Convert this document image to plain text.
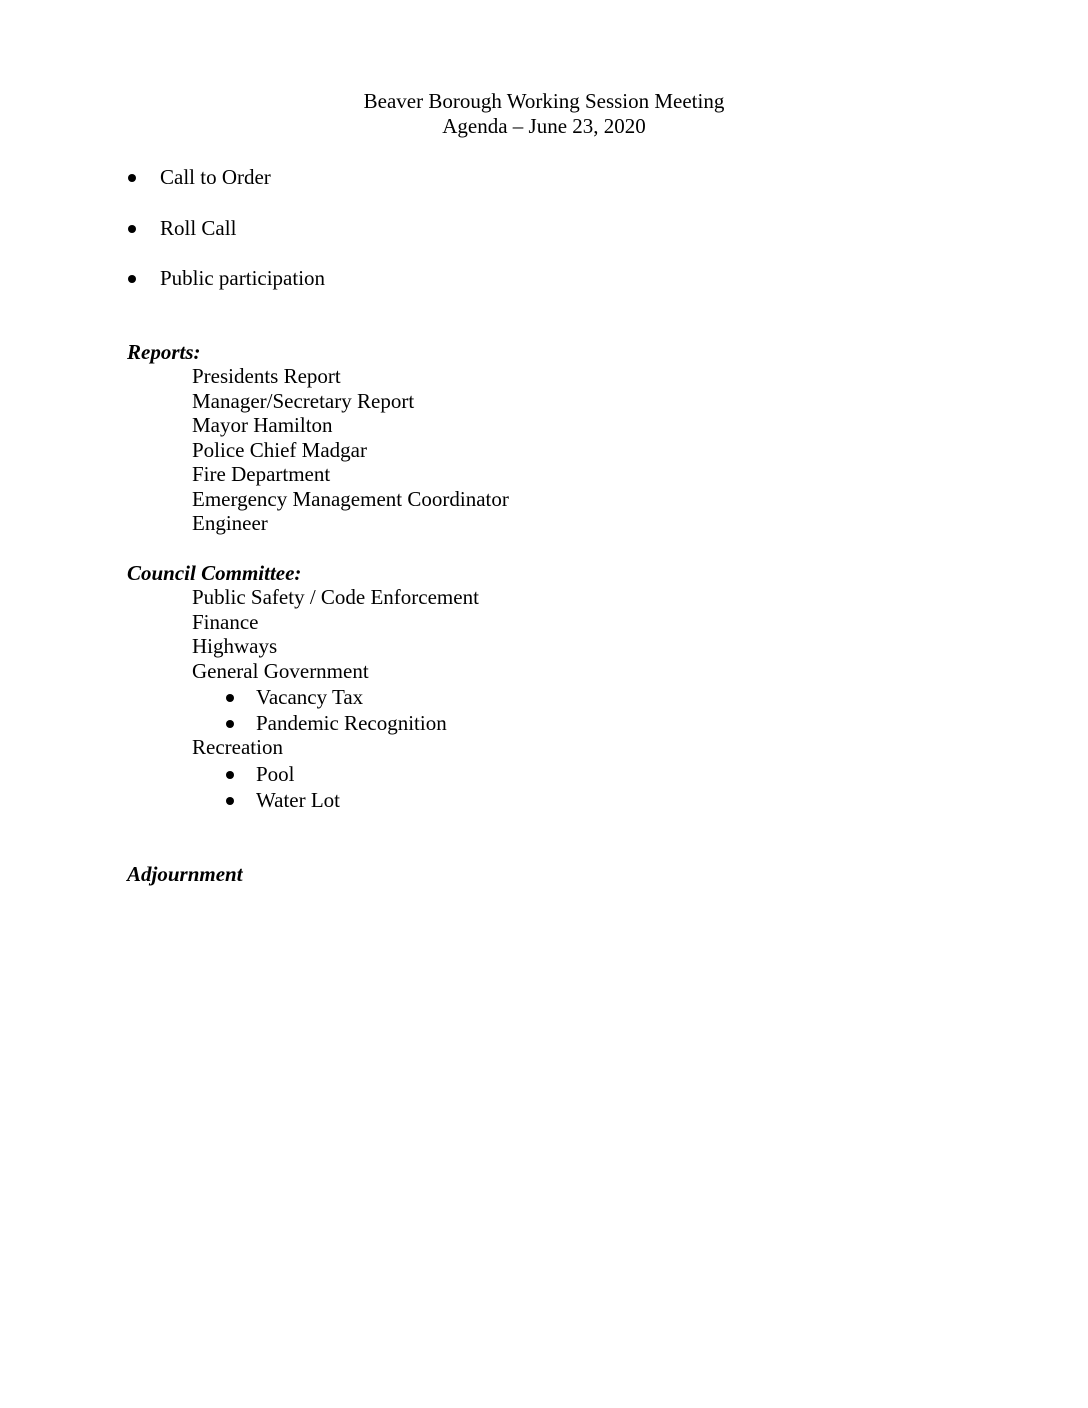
Beaver Borough Working Session Meeting
Agenda – June 23, 2020
Call to Order
Roll Call
Public participation
Reports:
Presidents Report
Manager/Secretary Report
Mayor Hamilton
Police Chief Madgar
Fire Department
Emergency Management Coordinator
Engineer
Council Committee:
Public Safety / Code Enforcement
Finance
Highways
General Government
Vacancy Tax
Pandemic Recognition
Recreation
Pool
Water Lot
Adjournment
